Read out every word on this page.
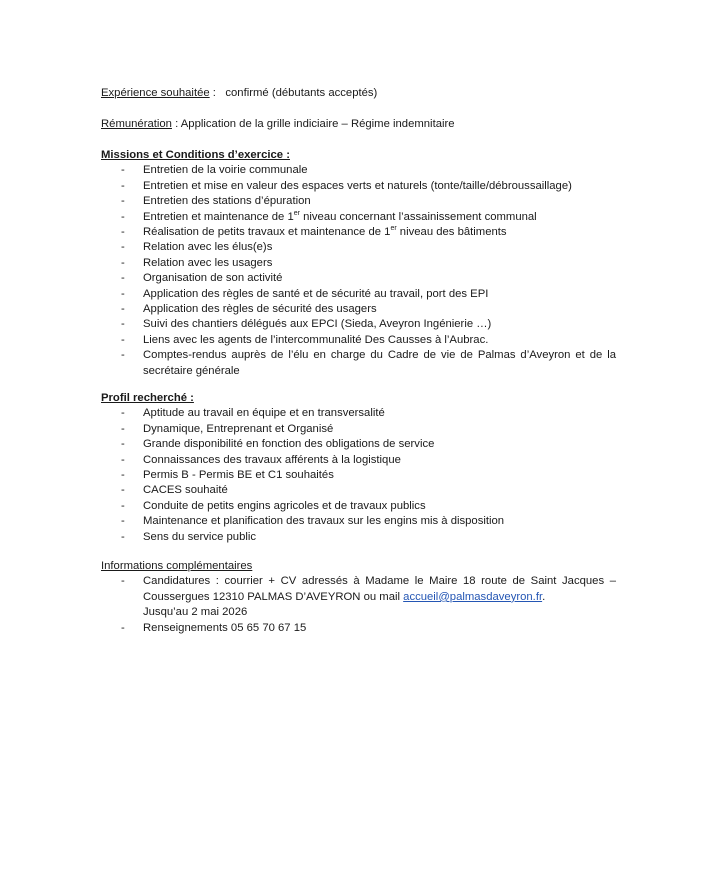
Expérience souhaitée :   confirmé (débutants acceptés)
Rémunération : Application de la grille indiciaire – Régime indemnitaire
Missions et Conditions d’exercice :
- Entretien de la voirie communale
- Entretien et mise en valeur des espaces verts et naturels (tonte/taille/débroussaillage)
- Entretien des stations d’épuration
- Entretien et maintenance de 1er niveau concernant l’assainissement communal
- Réalisation de petits travaux et maintenance de 1er niveau des bâtiments
- Relation avec les élus(e)s
- Relation avec les usagers
- Organisation de son activité
- Application des règles de santé et de sécurité au travail, port des EPI
- Application des règles de sécurité des usagers
- Suivi des chantiers délégués aux EPCI (Sieda, Aveyron Ingénierie …)
- Liens avec les agents de l’intercommunalité Des Causses à l’Aubrac.
- Comptes-rendus auprès de l’élu en charge du Cadre de vie de Palmas d’Aveyron et de la secrétaire générale
Profil recherché :
- Aptitude au travail en équipe et en transversalité
- Dynamique, Entreprenant et Organisé
- Grande disponibilité en fonction des obligations de service
- Connaissances des travaux afférents à la logistique
- Permis B - Permis BE et C1 souhaités
- CACES souhaité
- Conduite de petits engins agricoles et de travaux publics
- Maintenance et planification des travaux sur les engins mis à disposition
- Sens du service public
Informations complémentaires
- Candidatures : courrier + CV adressés à Madame le Maire 18 route de Saint Jacques – Coussergues 12310 PALMAS D’AVEYRON ou mail accueil@palmasdaveyron.fr.
Jusqu’au 2 mai 2026
- Renseignements 05 65 70 67 15
